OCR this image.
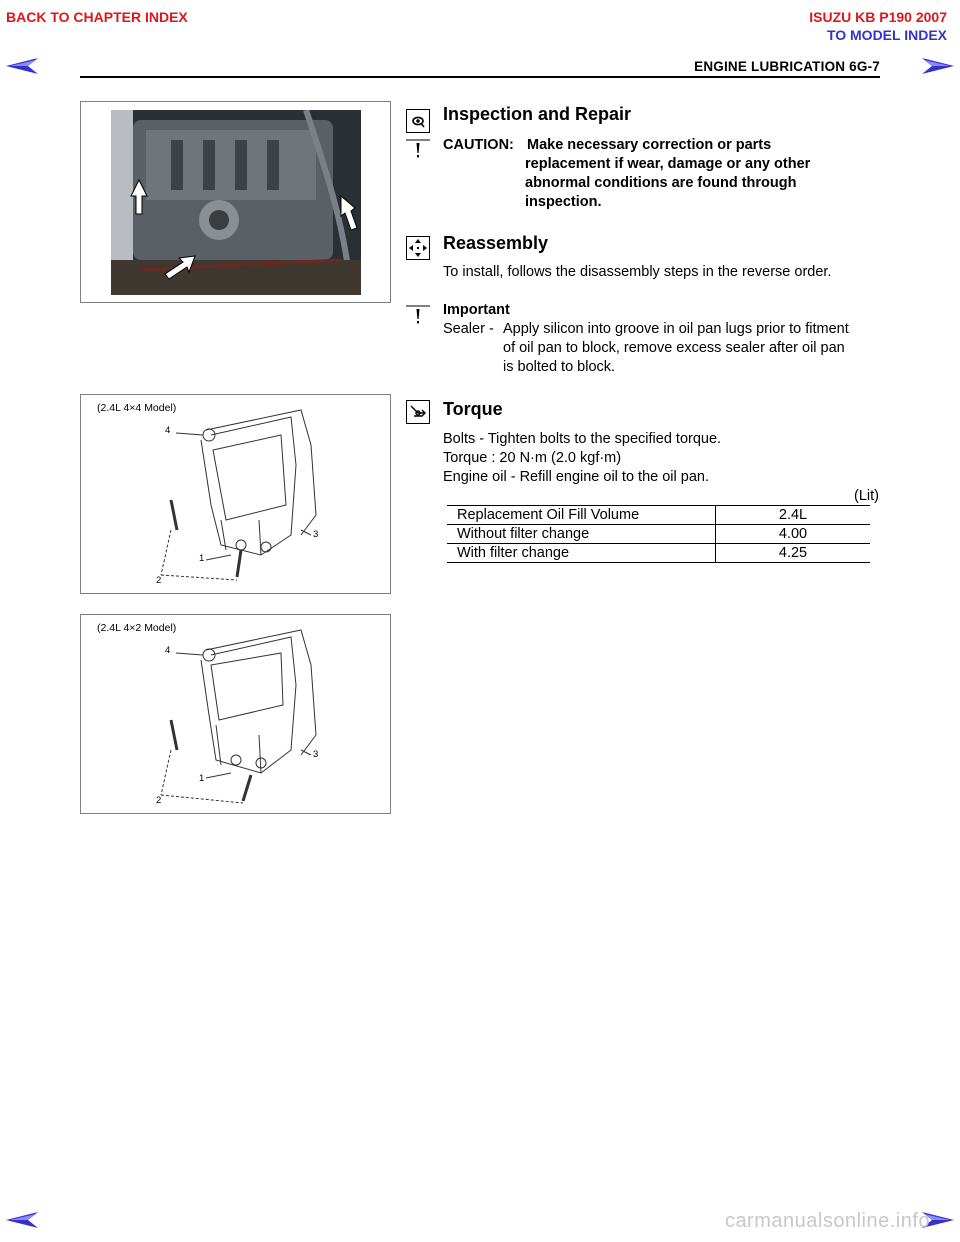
BACK TO CHAPTER INDEX	ISUZU KB P190 2007
TO MODEL INDEX
ENGINE LUBRICATION 6G-7
Inspection and Repair
CAUTION: Make necessary correction or parts
replacement if wear, damage or any other
abnormal conditions are found through
inspection.
Reassembly
To install, follows the disassembly steps in the reverse order.
Important
Sealer - Apply silicon into groove in oil pan lugs prior to fitment
of oil pan to block, remove excess sealer after oil pan
is bolted to block.
(2.4L 4×4 Model)
4
1
2
3
Torque
Bolts - Tighten bolts to the specified torque.
Torque : 20 N·m (2.0 kgf·m)
Engine oil - Refill engine oil to the oil pan.
(Lit)
Replacement Oil Fill Volume	2.4L
Without filter change	4.00
With filter change	4.25
(2.4L 4×2 Model)
4
1
2
3
carmanualsonline.info
